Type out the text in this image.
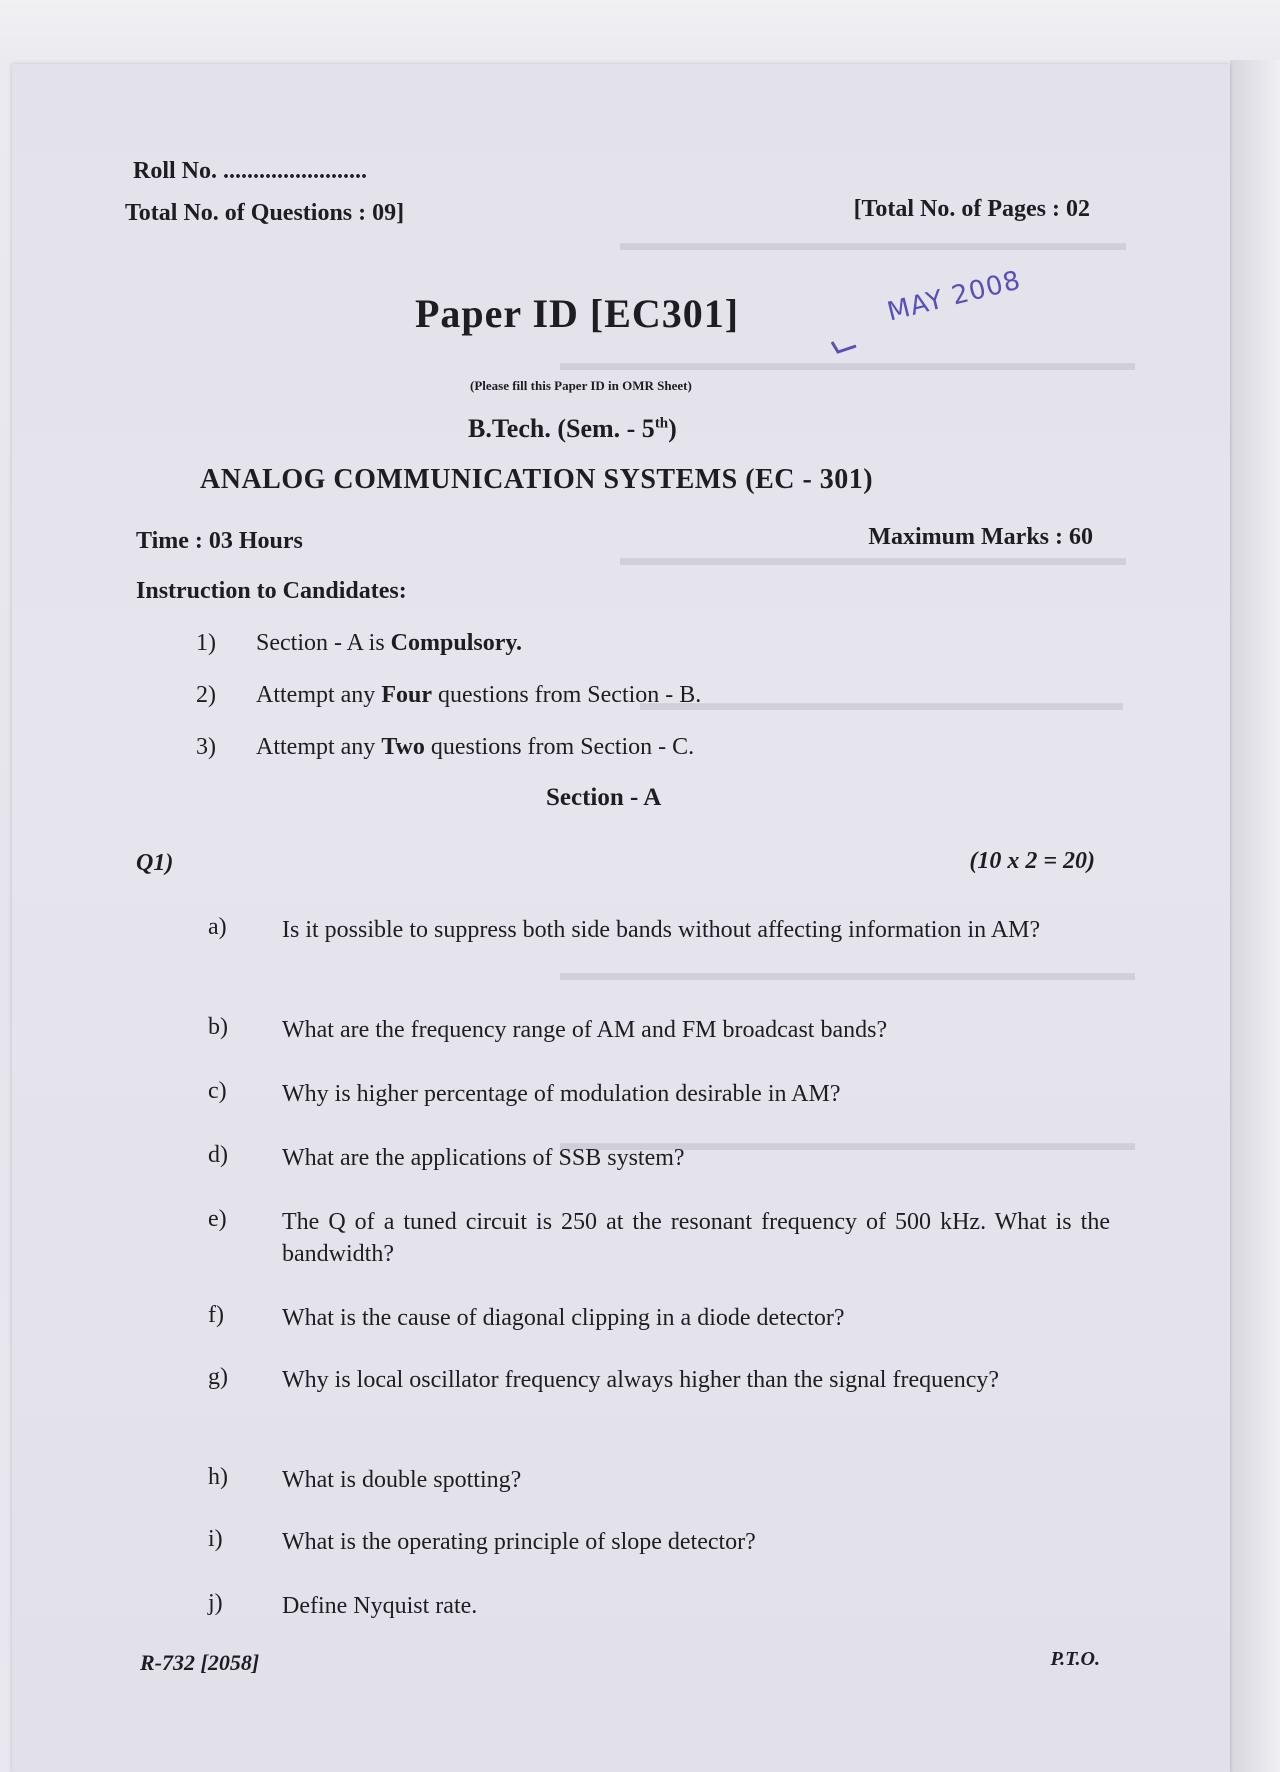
▬▬▬▬▬▬▬▬▬▬▬▬▬▬▬▬▬▬▬▬▬▬
▬▬▬▬▬▬▬▬▬▬▬▬▬▬▬▬▬▬▬▬▬▬▬▬▬
▬▬▬▬▬▬▬▬▬▬▬▬▬▬▬▬▬▬▬▬▬▬
▬▬▬▬▬▬▬▬▬▬▬▬▬▬▬▬▬▬▬▬▬
▬▬▬▬▬▬▬▬▬▬▬▬▬▬▬▬▬▬▬▬▬▬▬▬▬
▬▬▬▬▬▬▬▬▬▬▬▬▬▬▬▬▬▬▬▬▬▬▬▬▬
Roll No. ........................
Total No. of Questions : 09]	[Total No. of Pages : 02
Paper ID [EC301]	MAY 2008
(Please fill this Paper ID in OMR Sheet)
B.Tech. (Sem. - 5th)
ANALOG COMMUNICATION SYSTEMS (EC - 301)
Time : 03 Hours	Maximum Marks : 60
Instruction to Candidates:
1) Section - A is Compulsory.
2) Attempt any Four questions from Section - B.
3) Attempt any Two questions from Section - C.
Section - A
Q1)	(10 x 2 = 20)
a) Is it possible to suppress both side bands without affecting information in AM?
b) What are the frequency range of AM and FM broadcast bands?
c) Why is higher percentage of modulation desirable in AM?
d) What are the applications of SSB system?
e) The Q of a tuned circuit is 250 at the resonant frequency of 500 kHz. What is the bandwidth?
f) What is the cause of diagonal clipping in a diode detector?
g) Why is local oscillator frequency always higher than the signal frequency?
h) What is double spotting?
i) What is the operating principle of slope detector?
j) Define Nyquist rate.
R-732 [2058]	P.T.O.
